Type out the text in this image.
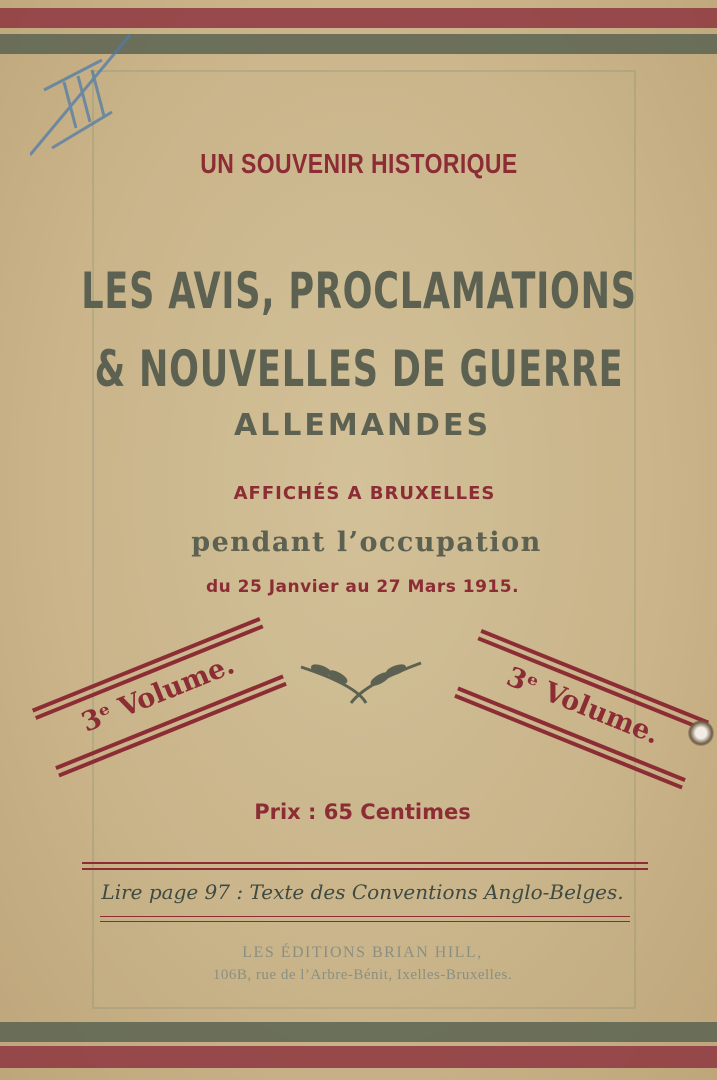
UN SOUVENIR HISTORIQUE

LES AVIS, PROCLAMATIONS

& NOUVELLES DE GUERRE

ALLEMANDES

AFFICHÉS A BRUXELLES

pendant l’occupation

du 25 Janvier au 27 Mars 1915.

3ᵉ Volume.	3ᵉ Volume.

Prix : 65 Centimes

Lire page 97 : Texte des Conventions Anglo-Belges.

LES ÉDITIONS BRIAN HILL,

106B, rue de l’Arbre-Bénit, Ixelles-Bruxelles.
